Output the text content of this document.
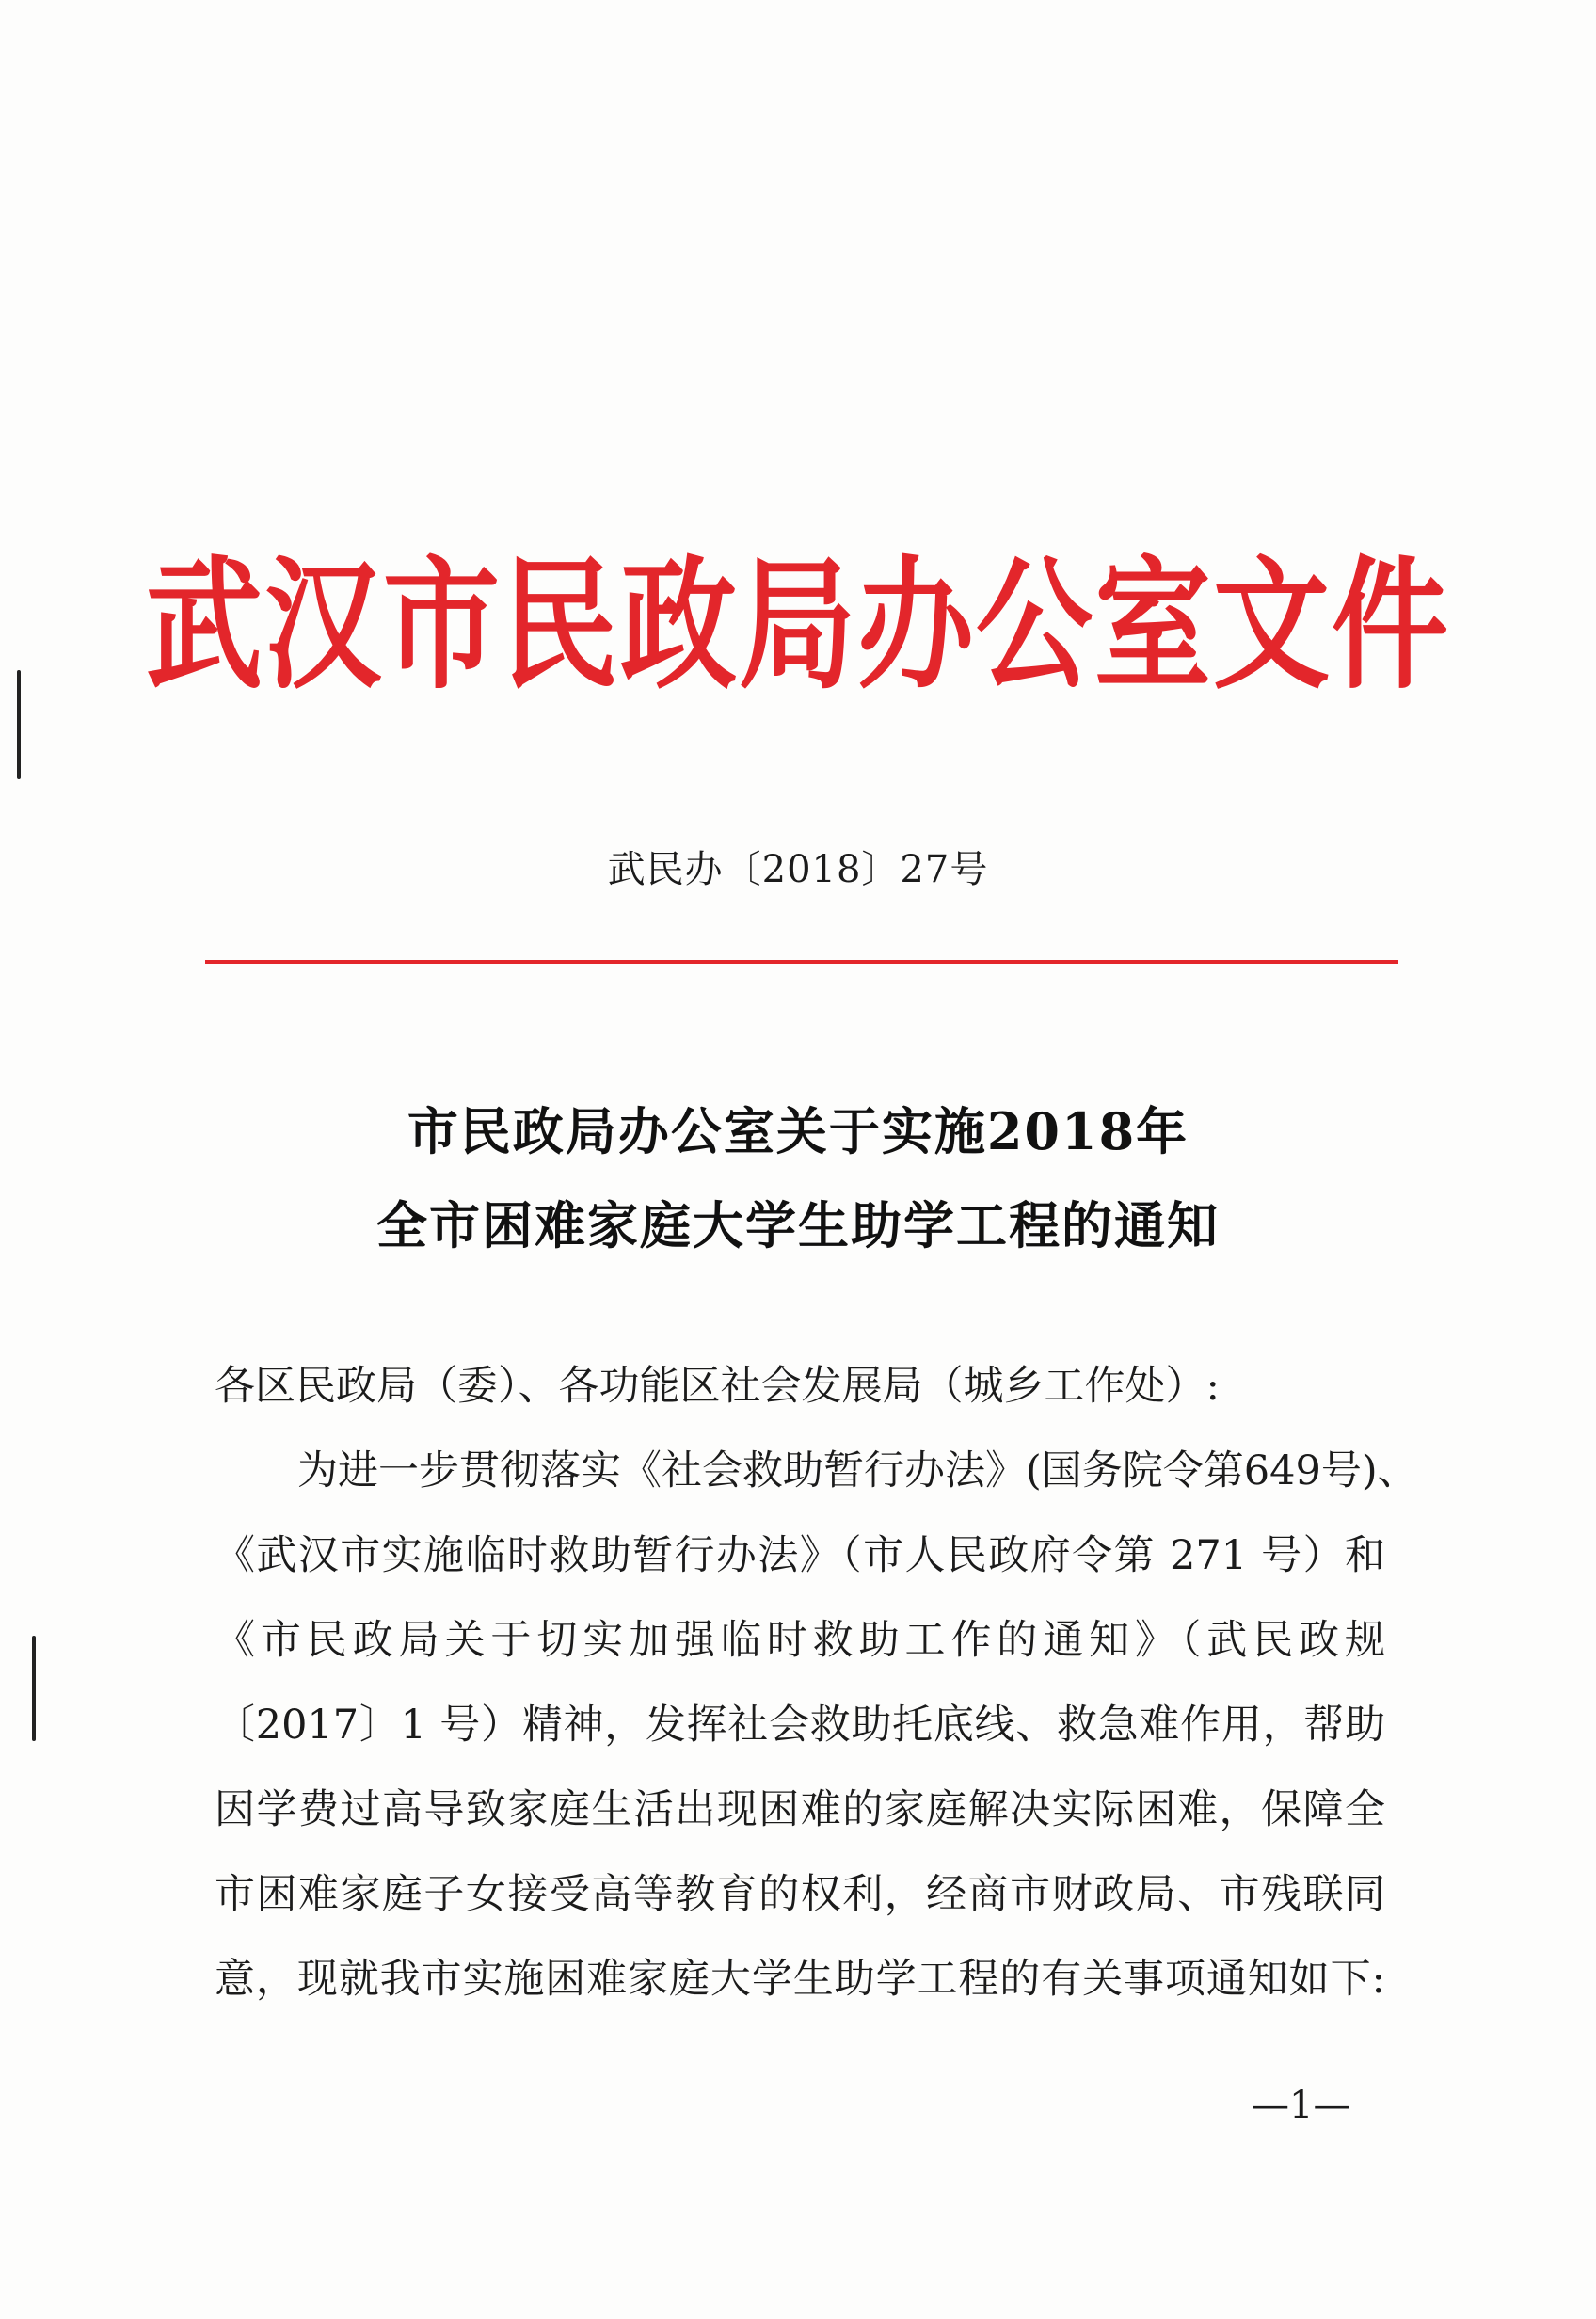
武汉市民政局办公室文件
武民办〔2018〕27号
市民政局办公室关于实施2018年
全市困难家庭大学生助学工程的通知
各区民政局（委）、各功能区社会发展局（城乡工作处）:
为进一步贯彻落实《社会救助暂行办法》(国务院令第649号)、
《武汉市实施临时救助暂行办法》（市人民政府令第 271 号）和
《市民政局关于切实加强临时救助工作的通知》（武民政规
〔2017〕1 号）精神，发挥社会救助托底线、救急难作用，帮助
因学费过高导致家庭生活出现困难的家庭解决实际困难，保障全
市困难家庭子女接受高等教育的权利，经商市财政局、市残联同
意，现就我市实施困难家庭大学生助学工程的有关事项通知如下:
—1—
